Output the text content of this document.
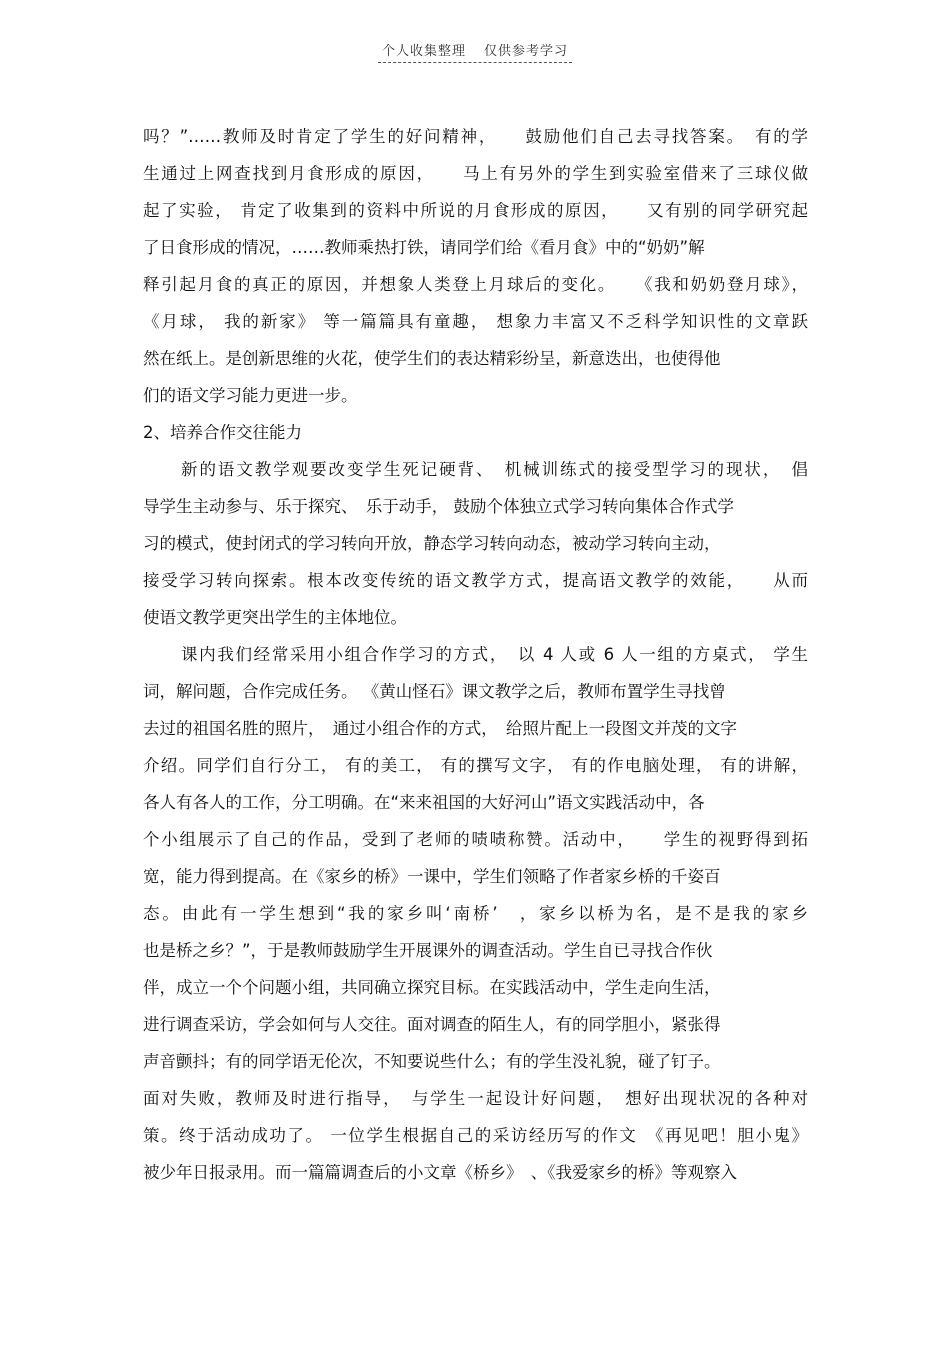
个人收集整理 仅供参考学习
吗？”……教师及时肯定了学生的好问精神，　　鼓励他们自己去寻找答案。　有的学
生通过上网查找到月食形成的原因，　　马上有另外的学生到实验室借来了三球仪做
起了实验， 肯定了收集到的资料中所说的月食形成的原因，　　又有别的同学研究起
了日食形成的情况，……教师乘热打铁，请同学们给《看月食》中的“奶奶”解
释引起月食的真正的原因，并想象人类登上月球后的变化。　　《我和奶奶登月球》，
《月球， 我的新家》 等一篇篇具有童趣， 想象力丰富又不乏科学知识性的文章跃
然在纸上。是创新思维的火花，使学生们的表达精彩纷呈，新意迭出，也使得他
们的语文学习能力更进一步。
2、培养合作交往能力
新的语文教学观要改变学生死记硬背、　机械训练式的接受型学习的现状，　倡
导学生主动参与、乐于探究、　乐于动手， 鼓励个体独立式学习转向集体合作式学
习的模式，使封闭式的学习转向开放，静态学习转向动态，被动学习转向主动，
接受学习转向探索。根本改变传统的语文教学方式，提高语文教学的效能，　　从而
使语文教学更突出学生的主体地位。
课内我们经常采用小组合作学习的方式，　以 4 人或 6 人一组的方桌式， 学生
词，解问题，合作完成任务。 《黄山怪石》课文教学之后，教师布置学生寻找曾
去过的祖国名胜的照片，　通过小组合作的方式，　给照片配上一段图文并茂的文字
介绍。同学们自行分工， 有的美工， 有的撰写文字， 有的作电脑处理， 有的讲解，
各人有各人的工作，分工明确。在“来来祖国的大好河山”语文实践活动中，各
个小组展示了自己的作品，受到了老师的啧啧称赞。活动中，　　学生的视野得到拓
宽，能力得到提高。在《家乡的桥》一课中，学生们领略了作者家乡桥的千姿百
态。由此有一学生想到“我的家乡叫‘南桥’　，家乡以桥为名，是不是我的家乡
也是桥之乡？”，于是教师鼓励学生开展课外的调查活动。学生自已寻找合作伙
伴，成立一个个问题小组，共同确立探究目标。在实践活动中，学生走向生活，
进行调查采访，学会如何与人交往。面对调查的陌生人，有的同学胆小，紧张得
声音颤抖；有的同学语无伦次，不知要说些什么；有的学生没礼貌，碰了钉子。
面对失败，教师及时进行指导，　与学生一起设计好问题，　想好出现状况的各种对
策。终于活动成功了。 一位学生根据自己的采访经历写的作文　《再见吧！胆小鬼》
被少年日报录用。而一篇篇调查后的小文章《桥乡》　、《我爱家乡的桥》等观察入
